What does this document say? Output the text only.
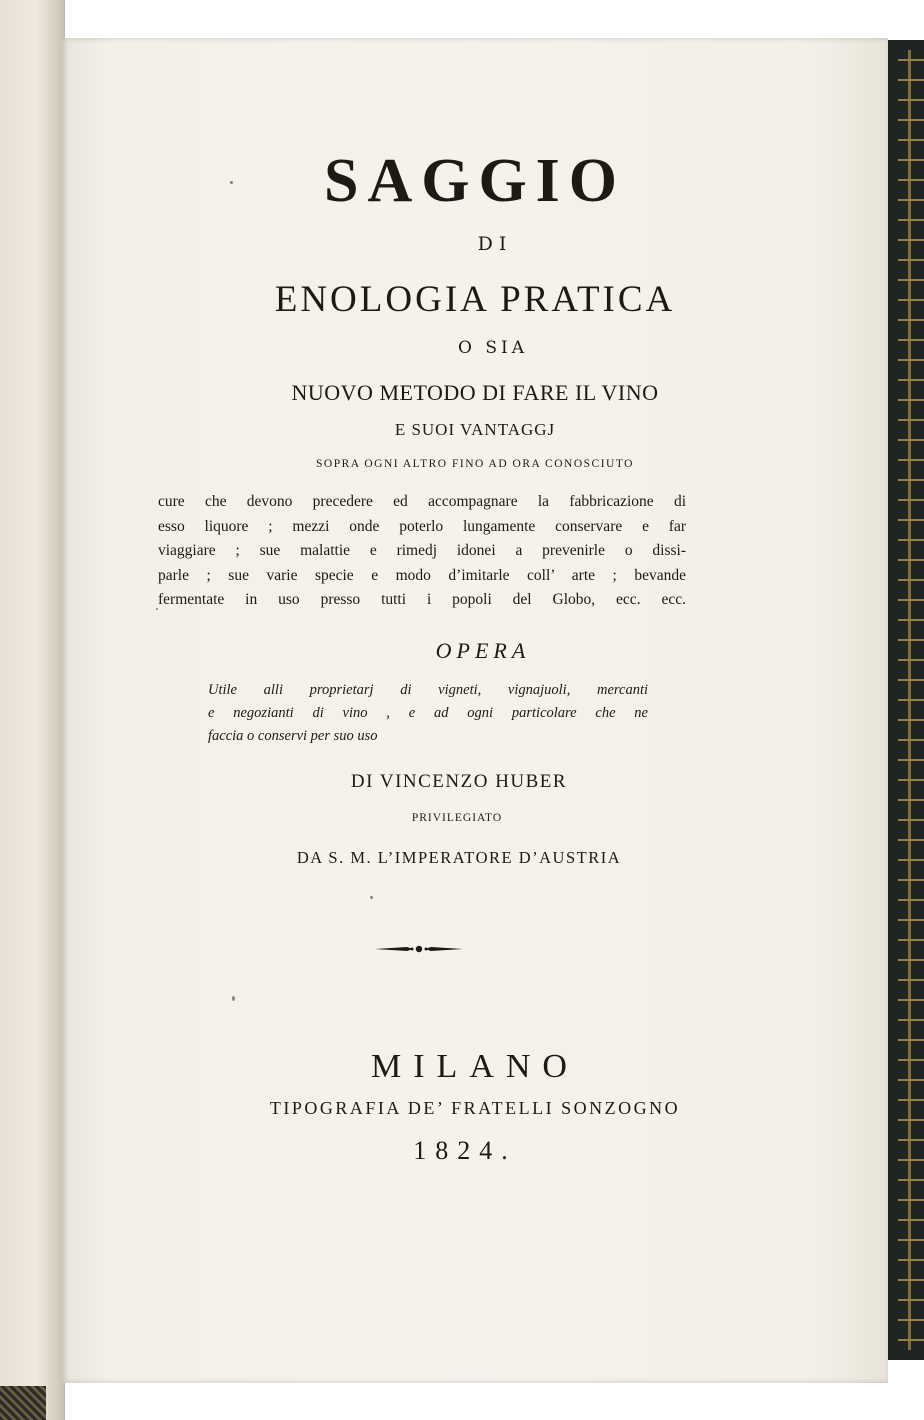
SAGGIO
DI
ENOLOGIA PRATICA
O SIA
NUOVO METODO DI FARE IL VINO
E SUOI VANTAGGJ
SOPRA OGNI ALTRO FINO AD ORA CONOSCIUTO
cure che devono precedere ed accompagnare la fabbricazione di
esso liquore ; mezzi onde poterlo lungamente conservare e far
viaggiare ; sue malattie e rimedj idonei a prevenirle o dissi-
parle ; sue varie specie e modo d’imitarle coll’ arte ; bevande
fermentate in uso presso tutti i popoli del Globo, ecc. ecc.
OPERA
Utile alli proprietarj di vigneti, vignajuoli, mercanti
e negozianti di vino , e ad ogni particolare che ne
faccia o conservi per suo uso
DI VINCENZO HUBER
PRIVILEGIATO
DA S. M. L’IMPERATORE D’AUSTRIA
MILANO
TIPOGRAFIA DE’ FRATELLI SONZOGNO
1824.
